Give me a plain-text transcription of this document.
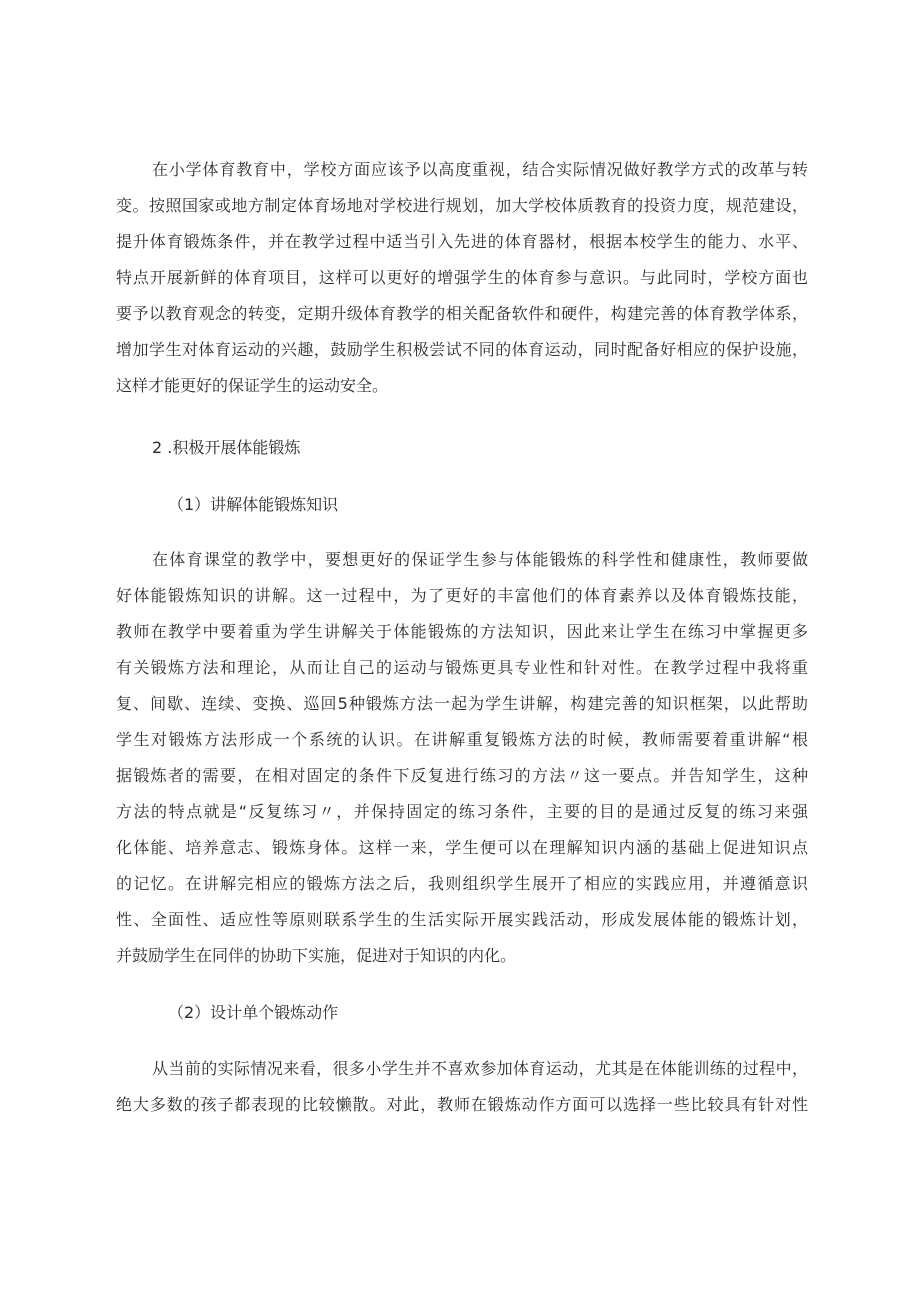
在小学体育教育中，学校方面应该予以高度重视，结合实际情况做好教学方式的改革与转
变。按照国家或地方制定体育场地对学校进行规划，加大学校体质教育的投资力度，规范建设，
提升体育锻炼条件，并在教学过程中适当引入先进的体育器材，根据本校学生的能力、水平、
特点开展新鲜的体育项目，这样可以更好的增强学生的体育参与意识。与此同时，学校方面也
要予以教育观念的转变，定期升级体育教学的相关配备软件和硬件，构建完善的体育教学体系，
增加学生对体育运动的兴趣，鼓励学生积极尝试不同的体育运动，同时配备好相应的保护设施，
这样才能更好的保证学生的运动安全。
2 .积极开展体能锻炼
（1）讲解体能锻炼知识
在体育课堂的教学中，要想更好的保证学生参与体能锻炼的科学性和健康性，教师要做
好体能锻炼知识的讲解。这一过程中，为了更好的丰富他们的体育素养以及体育锻炼技能，
教师在教学中要着重为学生讲解关于体能锻炼的方法知识，因此来让学生在练习中掌握更多
有关锻炼方法和理论，从而让自己的运动与锻炼更具专业性和针对性。在教学过程中我将重
复、间歇、连续、变换、巡回5种锻炼方法一起为学生讲解，构建完善的知识框架，以此帮助
学生对锻炼方法形成一个系统的认识。在讲解重复锻炼方法的时候，教师需要着重讲解“根
据锻炼者的需要，在相对固定的条件下反复进行练习的方法〃这一要点。并告知学生，这种
方法的特点就是“反复练习〃，并保持固定的练习条件，主要的目的是通过反复的练习来强
化体能、培养意志、锻炼身体。这样一来，学生便可以在理解知识内涵的基础上促进知识点
的记忆。在讲解完相应的锻炼方法之后，我则组织学生展开了相应的实践应用，并遵循意识
性、全面性、适应性等原则联系学生的生活实际开展实践活动，形成发展体能的锻炼计划，
并鼓励学生在同伴的协助下实施，促进对于知识的内化。
（2）设计单个锻炼动作
从当前的实际情况来看，很多小学生并不喜欢参加体育运动，尤其是在体能训练的过程中，
绝大多数的孩子都表现的比较懒散。对此，教师在锻炼动作方面可以选择一些比较具有针对性
